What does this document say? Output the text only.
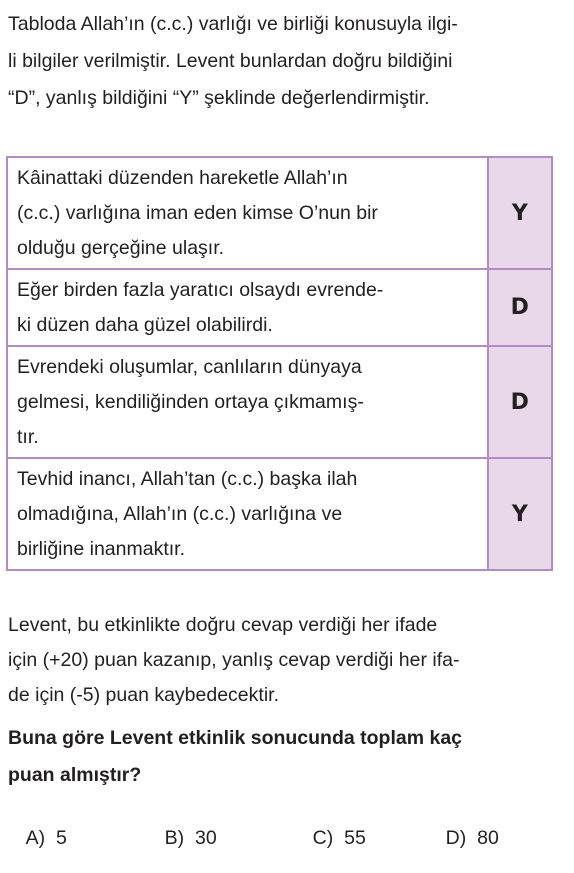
Tabloda Allah’ın (c.c.) varlığı ve birliği konusuyla ilgi-
li bilgiler verilmiştir. Levent bunlardan doğru bildiğini
“D”, yanlış bildiğini “Y” şeklinde değerlendirmiştir.

Kâinattaki düzenden hareketle Allah’ın
(c.c.) varlığına iman eden kimse O’nun bir
olduğu gerçeğine ulaşır.	Y
Eğer birden fazla yaratıcı olsaydı evrende-
ki düzen daha güzel olabilirdi.	D
Evrendeki oluşumlar, canlıların dünyaya
gelmesi, kendiliğinden ortaya çıkmamış-
tır.	D
Tevhid inancı, Allah’tan (c.c.) başka ilah
olmadığına, Allah’ın (c.c.) varlığına ve
birliğine inanmaktır.	Y

Levent, bu etkinlikte doğru cevap verdiği her ifade
için (+20) puan kazanıp, yanlış cevap verdiği her ifa-
de için (-5) puan kaybedecektir.

Buna göre Levent etkinlik sonucunda toplam kaç
puan almıştır?

A) 5
	B) 30
	C) 55
	D) 80
